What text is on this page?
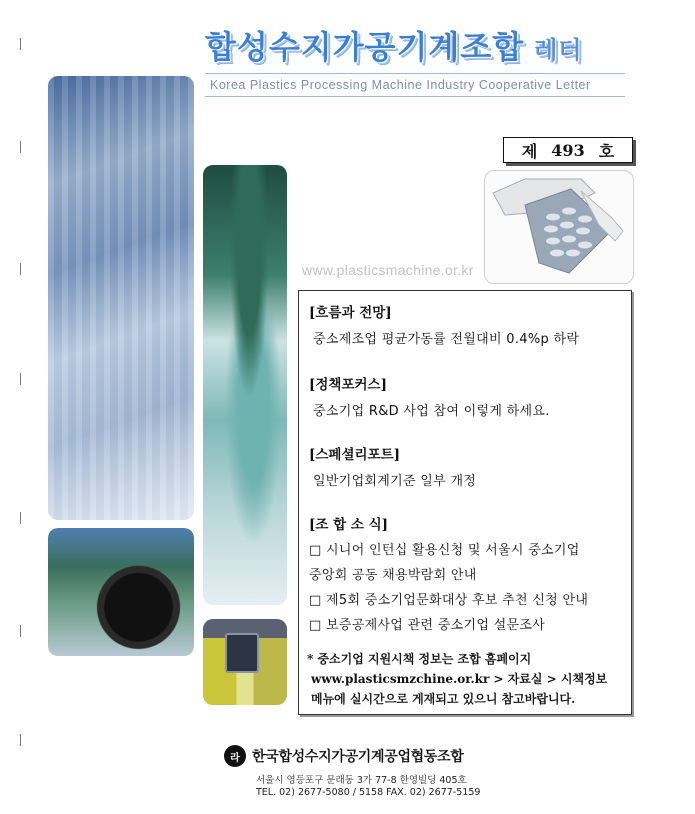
합성수지가공기계조합 레터
Korea Plastics Processing Machine Industry Cooperative Letter
제 493 호
www.plasticsmachine.or.kr
[흐름과 전망]
중소제조업 평균가동률 전월대비 0.4%p 하락
[정책포커스]
중소기업 R&D 사업 참여 이렇게 하세요.
[스페셜리포트]
일반기업회계기준 일부 개정
[조 합 소 식]
□ 시니어 인턴십 활용신청 및 서울시 중소기업
중앙회 공동 채용박람회 안내
□ 제5회 중소기업문화대상 후보 추천 신청 안내
□ 보증공제사업 관련 중소기업 설문조사
* 중소기업 지원시책 정보는 조합 홈페이지
www.plasticsmzchine.or.kr > 자료실 > 시책정보
메뉴에 실시간으로 게재되고 있으니 참고바랍니다.
라 한국합성수지가공기계공업협동조합
서울시 영등포구 문래동 3가 77-8 한영빌딩 405호
TEL. 02) 2677-5080 / 5158 FAX. 02) 2677-5159
